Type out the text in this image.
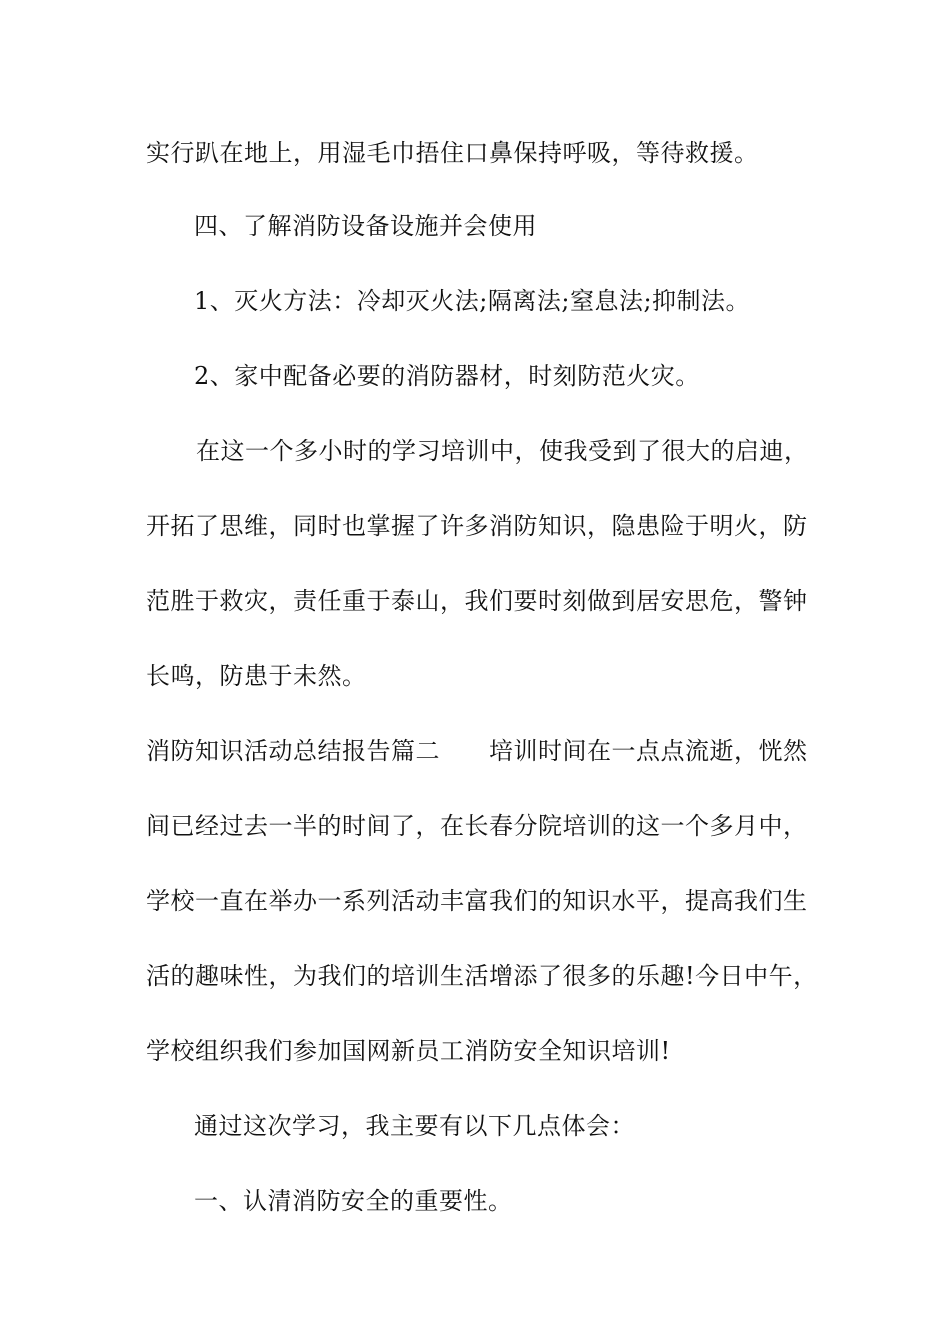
实行趴在地上，用湿毛巾捂住口鼻保持呼吸，等待救援。
四、了解消防设备设施并会使用
1、灭火方法：冷却灭火法;隔离法;窒息法;抑制法。
2、家中配备必要的消防器材，时刻防范火灾。
在这一个多小时的学习培训中，使我受到了很大的启迪，
开拓了思维，同时也掌握了许多消防知识，隐患险于明火，防
范胜于救灾，责任重于泰山，我们要时刻做到居安思危，警钟
长鸣，防患于未然。
消防知识活动总结报告篇二　　培训时间在一点点流逝，恍然
间已经过去一半的时间了，在长春分院培训的这一个多月中，
学校一直在举办一系列活动丰富我们的知识水平，提高我们生
活的趣味性，为我们的培训生活增添了很多的乐趣!今日中午，
学校组织我们参加国网新员工消防安全知识培训!
通过这次学习，我主要有以下几点体会：
一、认清消防安全的重要性。
